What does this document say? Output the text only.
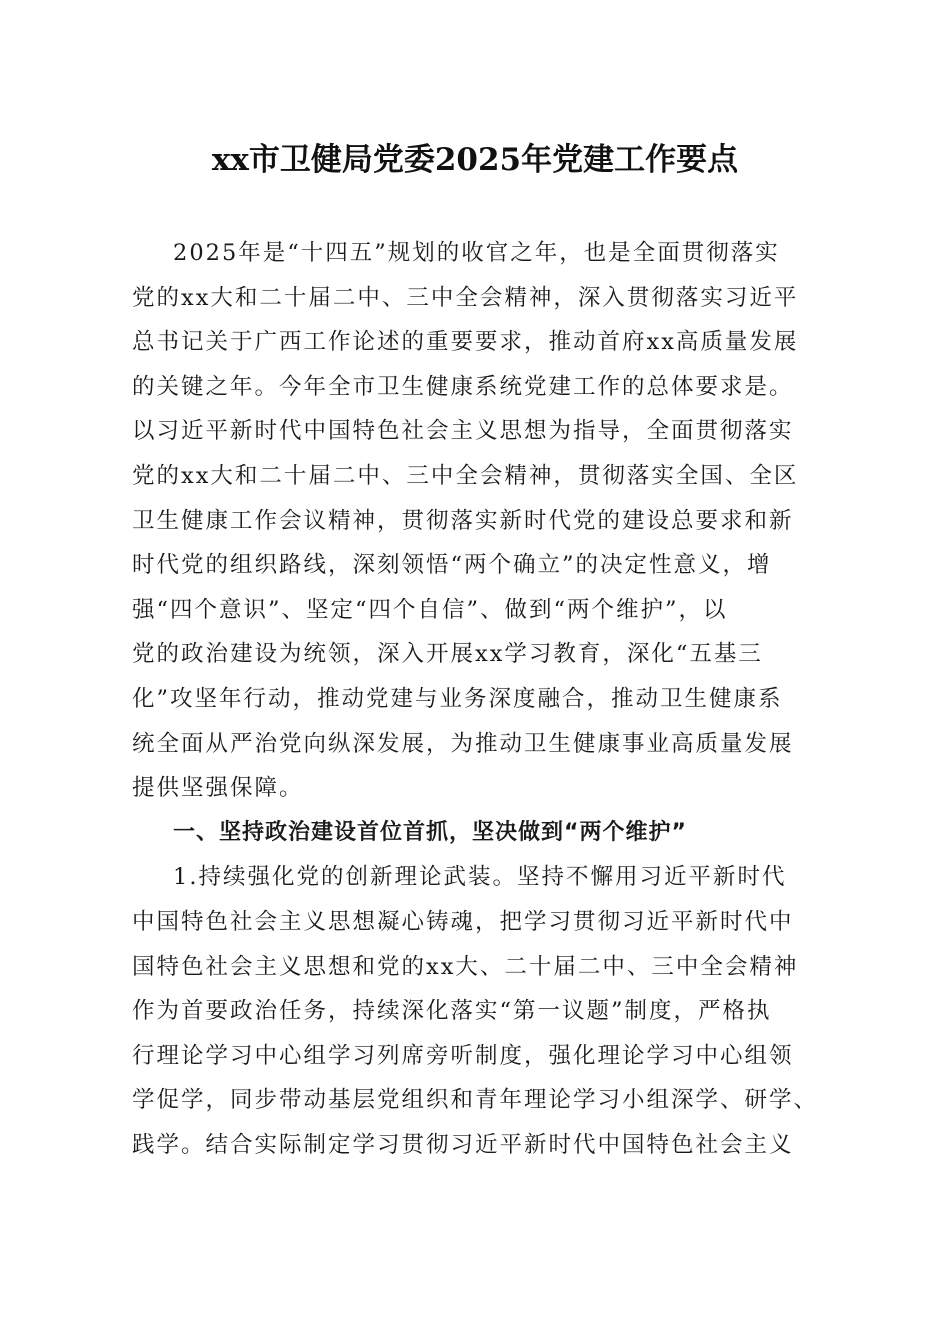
xx市卫健局党委2025年党建工作要点
2025年是“十四五”规划的收官之年，也是全面贯彻落实
党的xx大和二十届二中、三中全会精神，深入贯彻落实习近平
总书记关于广西工作论述的重要要求，推动首府xx高质量发展
的关键之年。今年全市卫生健康系统党建工作的总体要求是。
以习近平新时代中国特色社会主义思想为指导，全面贯彻落实
党的xx大和二十届二中、三中全会精神，贯彻落实全国、全区
卫生健康工作会议精神，贯彻落实新时代党的建设总要求和新
时代党的组织路线，深刻领悟“两个确立”的决定性意义，增
强“四个意识”、坚定“四个自信”、做到“两个维护”，以
党的政治建设为统领，深入开展xx学习教育，深化“五基三
化”攻坚年行动，推动党建与业务深度融合，推动卫生健康系
统全面从严治党向纵深发展，为推动卫生健康事业高质量发展
提供坚强保障。
一、坚持政治建设首位首抓，坚决做到“两个维护”
1.持续强化党的创新理论武装。坚持不懈用习近平新时代
中国特色社会主义思想凝心铸魂，把学习贯彻习近平新时代中
国特色社会主义思想和党的xx大、二十届二中、三中全会精神
作为首要政治任务，持续深化落实“第一议题”制度，严格执
行理论学习中心组学习列席旁听制度，强化理论学习中心组领
学促学，同步带动基层党组织和青年理论学习小组深学、研学、
践学。结合实际制定学习贯彻习近平新时代中国特色社会主义
